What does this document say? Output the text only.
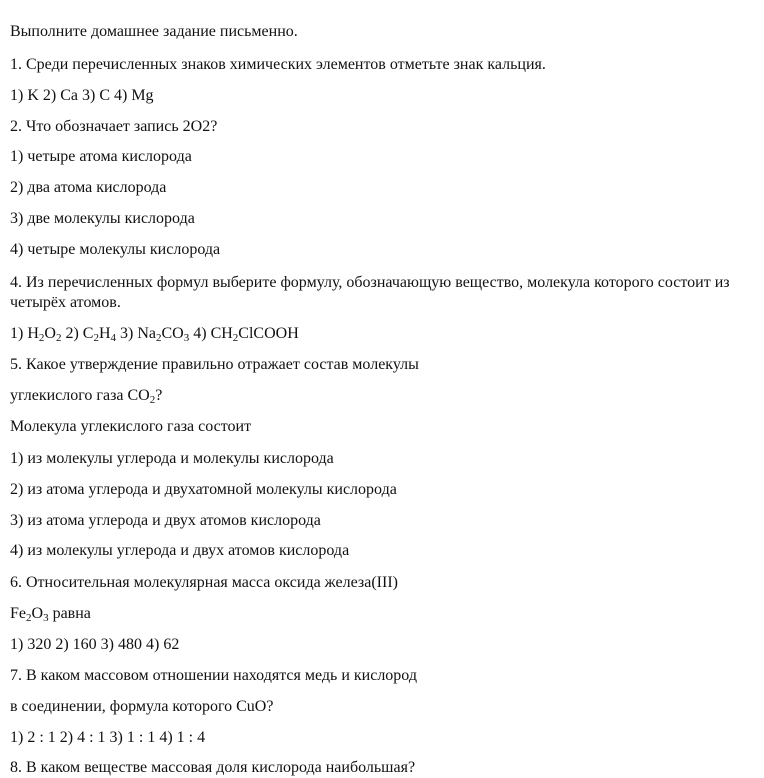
Выполните домашнее задание письменно.
1. Среди перечисленных знаков химических элементов отметьте знак кальция.
1) K 2) Ca 3) C 4) Mg
2. Что обозначает запись 2O2?
1) четыре атома кислорода
2) два атома кислорода
3) две молекулы кислорода
4) четыре молекулы кислорода
4. Из перечисленных формул выберите формулу, обозначающую вещество, молекула которого состоит из четырёх атомов.
1) $H_2O_2$ 2) $C_2H_4$ 3) $Na_2CO_3$ 4) $CH_2ClCOOH$
5. Какое утверждение правильно отражает состав молекулы
углекислого газа $CO_2$?
Молекула углекислого газа состоит
1) из молекулы углерода и молекулы кислорода
2) из атома углерода и двухатомной молекулы кислорода
3) из атома углерода и двух атомов кислорода
4) из молекулы углерода и двух атомов кислорода
6. Относительная молекулярная масса оксида железа(III)
$Fe_2O_3$ равна
1) 320 2) 160 3) 480 4) 62
7. В каком массовом отношении находятся медь и кислород
в соединении, формула которого CuO?
1) 2 : 1 2) 4 : 1 3) 1 : 1 4) 1 : 4
8. В каком веществе массовая доля кислорода наибольшая?
